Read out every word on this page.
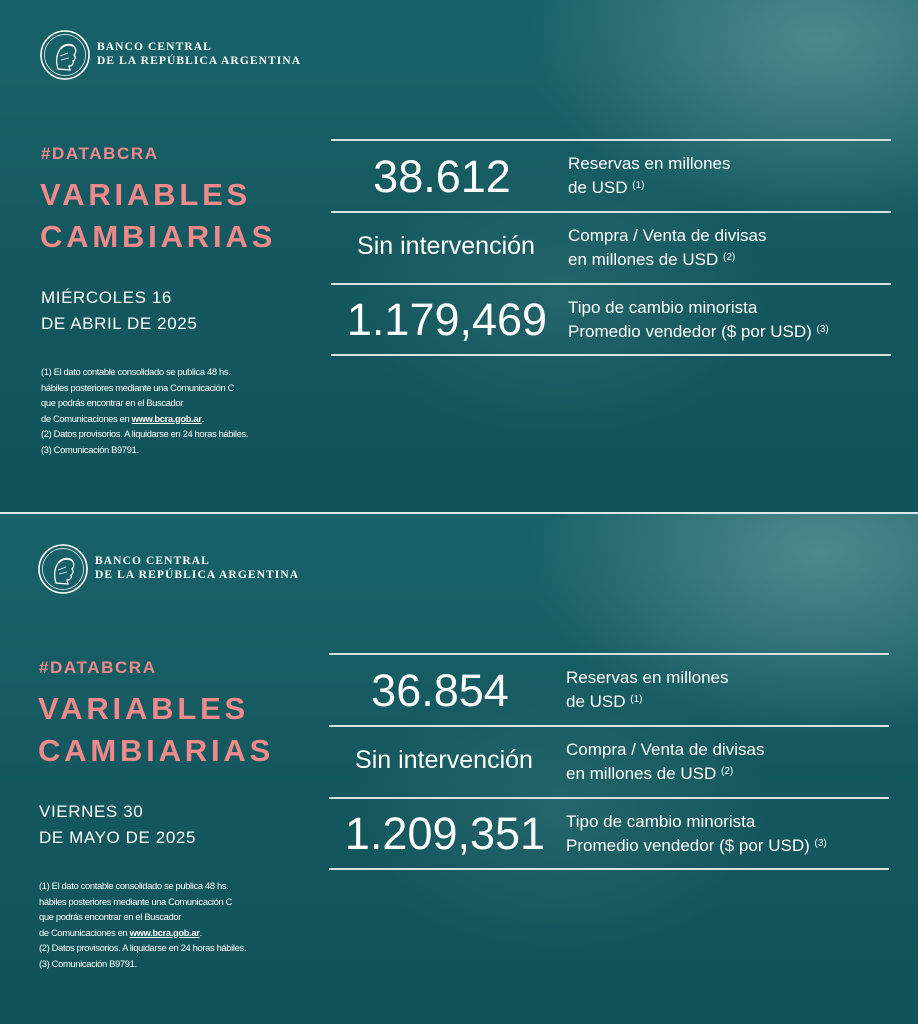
BANCO CENTRAL
DE LA REPÚBLICA ARGENTINA
#DATABCRA
VARIABLES
CAMBIARIAS
MIÉRCOLES 16
DE ABRIL DE 2025
(1) El dato contable consolidado se publica 48 hs.
hábiles posteriores mediante una Comunicación C
que podrás encontrar en el Buscador
de Comunicaciones en www.bcra.gob.ar.
(2) Datos provisorios. A liquidarse en 24 horas hábiles.
(3) Comunicación B9791.
38.612	Reservas en millones
de USD $^{(1)}$
Sin intervención	Compra / Venta de divisas
en millones de USD $^{(2)}$
1.179,469	Tipo de cambio minorista
Promedio vendedor ($ por USD) $^{(3)}$
BANCO CENTRAL
DE LA REPÚBLICA ARGENTINA
#DATABCRA
VARIABLES
CAMBIARIAS
VIERNES 30
DE MAYO DE 2025
(1) El dato contable consolidado se publica 48 hs.
hábiles posteriores mediante una Comunicación C
que podrás encontrar en el Buscador
de Comunicaciones en www.bcra.gob.ar.
(2) Datos provisorios. A liquidarse en 24 horas hábiles.
(3) Comunicación B9791.
36.854	Reservas en millones
de USD $^{(1)}$
Sin intervención	Compra / Venta de divisas
en millones de USD $^{(2)}$
1.209,351	Tipo de cambio minorista
Promedio vendedor ($ por USD) $^{(3)}$
